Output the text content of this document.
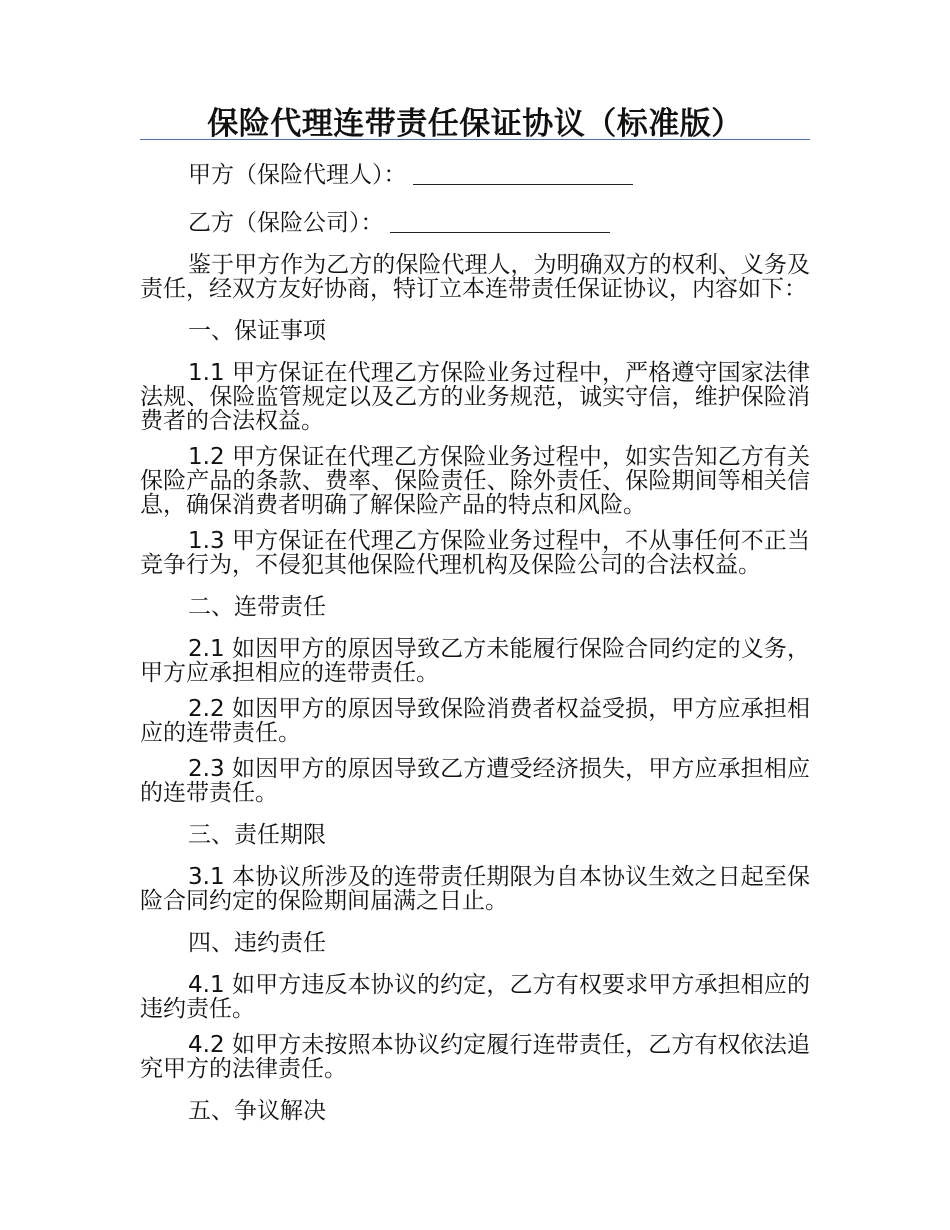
保险代理连带责任保证协议（标准版）
甲方（保险代理人）：
乙方（保险公司）：

鉴于甲方作为乙方的保险代理人，为明确双方的权利、义务及责任，经双方友好协商，特订立本连带责任保证协议，内容如下：

一、保证事项

1.1 甲方保证在代理乙方保险业务过程中，严格遵守国家法律法规、保险监管规定以及乙方的业务规范，诚实守信，维护保险消费者的合法权益。

1.2 甲方保证在代理乙方保险业务过程中，如实告知乙方有关保险产品的条款、费率、保险责任、除外责任、保险期间等相关信息，确保消费者明确了解保险产品的特点和风险。

1.3 甲方保证在代理乙方保险业务过程中，不从事任何不正当竞争行为，不侵犯其他保险代理机构及保险公司的合法权益。

二、连带责任

2.1 如因甲方的原因导致乙方未能履行保险合同约定的义务，甲方应承担相应的连带责任。

2.2 如因甲方的原因导致保险消费者权益受损，甲方应承担相应的连带责任。

2.3 如因甲方的原因导致乙方遭受经济损失，甲方应承担相应的连带责任。

三、责任期限

3.1 本协议所涉及的连带责任期限为自本协议生效之日起至保险合同约定的保险期间届满之日止。

四、违约责任

4.1 如甲方违反本协议的约定，乙方有权要求甲方承担相应的违约责任。

4.2 如甲方未按照本协议约定履行连带责任，乙方有权依法追究甲方的法律责任。

五、争议解决
